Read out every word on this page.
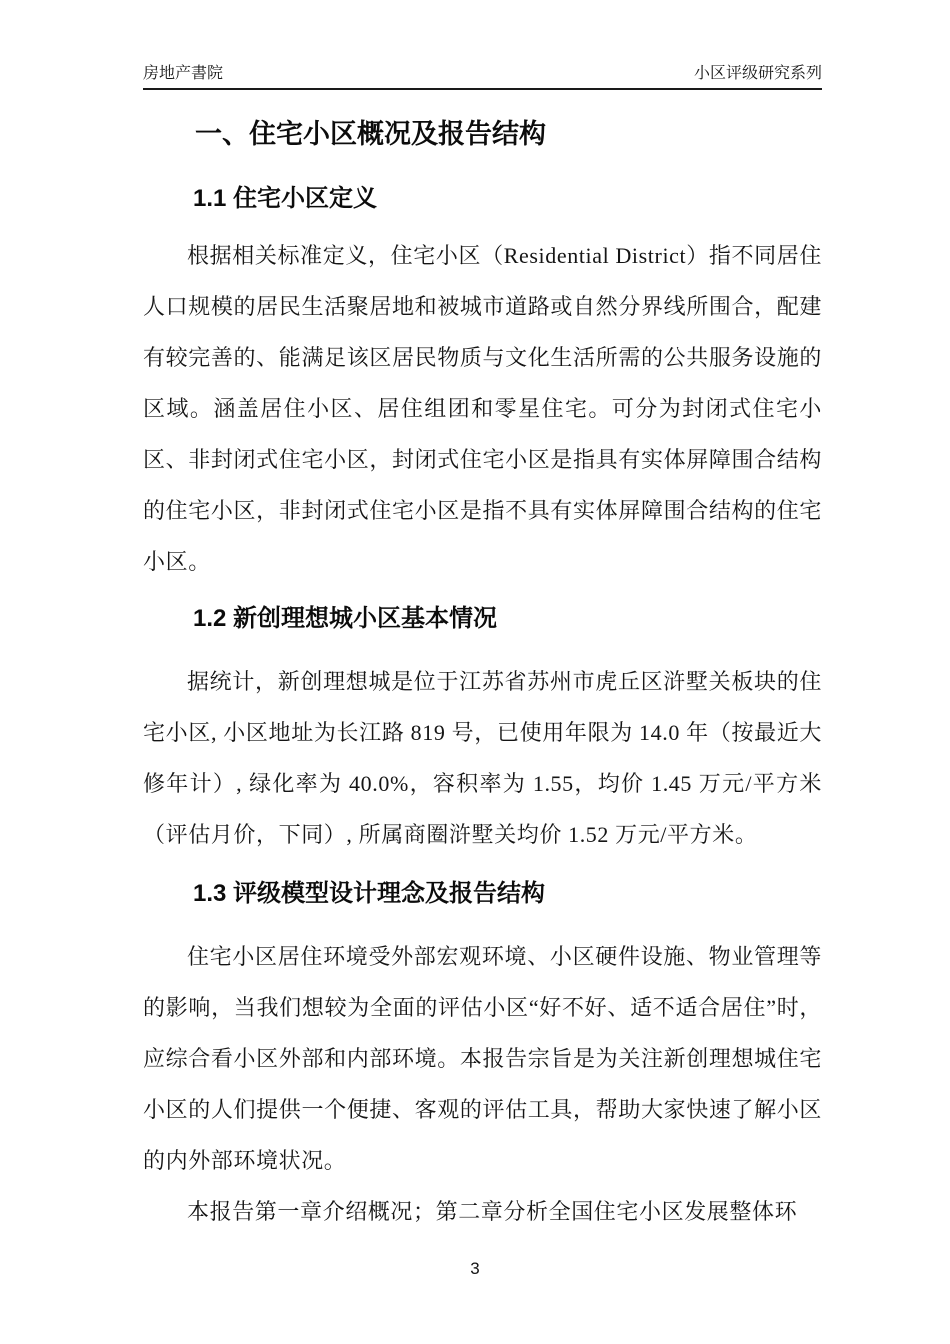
房地产書院	小区评级研究系列
一、住宅小区概况及报告结构
1.1 住宅小区定义

根据相关标准定义，住宅小区（Residential District）指不同居住人口规模的居民生活聚居地和被城市道路或自然分界线所围合，配建有较完善的、能满足该区居民物质与文化生活所需的公共服务设施的区域。涵盖居住小区、居住组团和零星住宅。可分为封闭式住宅小区、非封闭式住宅小区，封闭式住宅小区是指具有实体屏障围合结构的住宅小区，非封闭式住宅小区是指不具有实体屏障围合结构的住宅小区。

1.2 新创理想城小区基本情况

据统计，新创理想城是位于江苏省苏州市虎丘区浒墅关板块的住宅小区, 小区地址为长江路 819 号，已使用年限为 14.0 年（按最近大修年计）, 绿化率为 40.0%，容积率为 1.55，均价 1.45 万元/平方米（评估月价，下同）, 所属商圈浒墅关均价 1.52 万元/平方米。

1.3 评级模型设计理念及报告结构

住宅小区居住环境受外部宏观环境、小区硬件设施、物业管理等的影响，当我们想较为全面的评估小区“好不好、适不适合居住”时，应综合看小区外部和内部环境。本报告宗旨是为关注新创理想城住宅小区的人们提供一个便捷、客观的评估工具，帮助大家快速了解小区的内外部环境状况。

本报告第一章介绍概况；第二章分析全国住宅小区发展整体环

3
